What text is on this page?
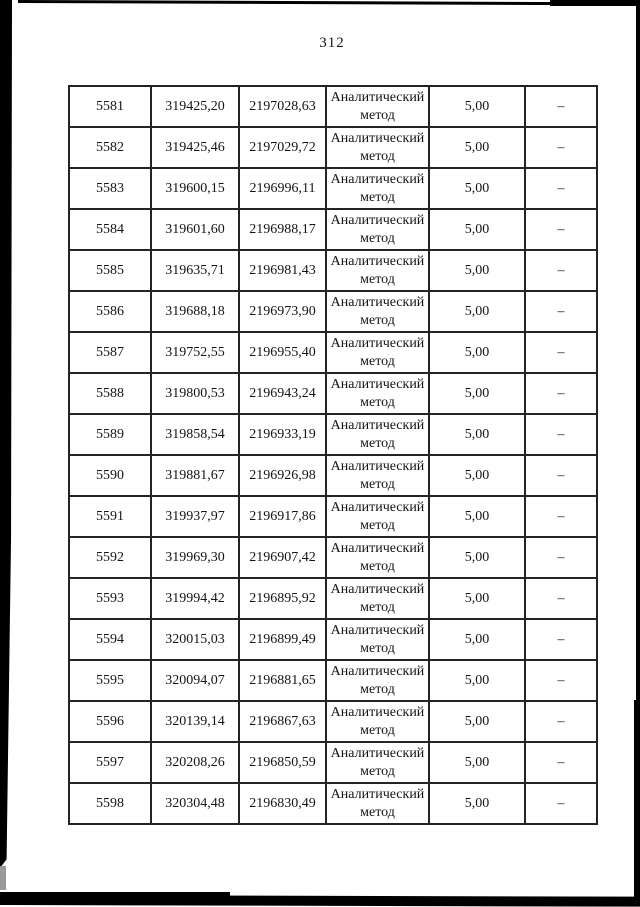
312
5581	319425,20	2197028,63	Аналитический метод	5,00	–
5582	319425,46	2197029,72	Аналитический метод	5,00	–
5583	319600,15	2196996,11	Аналитический метод	5,00	–
5584	319601,60	2196988,17	Аналитический метод	5,00	–
5585	319635,71	2196981,43	Аналитический метод	5,00	–
5586	319688,18	2196973,90	Аналитический метод	5,00	–
5587	319752,55	2196955,40	Аналитический метод	5,00	–
5588	319800,53	2196943,24	Аналитический метод	5,00	–
5589	319858,54	2196933,19	Аналитический метод	5,00	–
5590	319881,67	2196926,98	Аналитический метод	5,00	–
5591	319937,97	2196917,86	Аналитический метод	5,00	–
5592	319969,30	2196907,42	Аналитический метод	5,00	–
5593	319994,42	2196895,92	Аналитический метод	5,00	–
5594	320015,03	2196899,49	Аналитический метод	5,00	–
5595	320094,07	2196881,65	Аналитический метод	5,00	–
5596	320139,14	2196867,63	Аналитический метод	5,00	–
5597	320208,26	2196850,59	Аналитический метод	5,00	–
5598	320304,48	2196830,49	Аналитический метод	5,00	–
